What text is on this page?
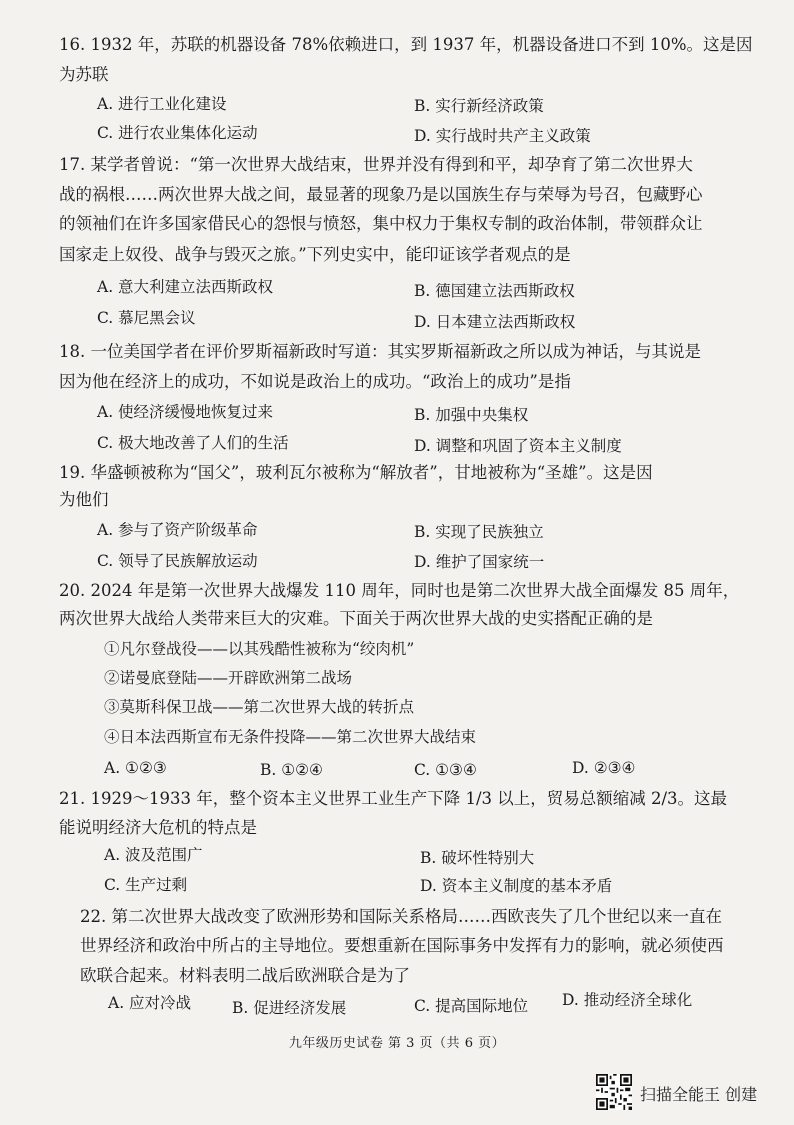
16. 1932 年，苏联的机器设备 78%依赖进口，到 1937 年，机器设备进口不到 10%。这是因
为苏联
A. 进行工业化建设	B. 实行新经济政策
C. 进行农业集体化运动	D. 实行战时共产主义政策
17. 某学者曾说：“第一次世界大战结束，世界并没有得到和平，却孕育了第二次世界大
战的祸根……两次世界大战之间，最显著的现象乃是以国族生存与荣辱为号召，包藏野心
的领袖们在许多国家借民心的怨恨与愤怒，集中权力于集权专制的政治体制，带领群众让
国家走上奴役、战争与毁灭之旅。”下列史实中，能印证该学者观点的是
A. 意大利建立法西斯政权	B. 德国建立法西斯政权
C. 慕尼黑会议	D. 日本建立法西斯政权
18. 一位美国学者在评价罗斯福新政时写道：其实罗斯福新政之所以成为神话，与其说是
因为他在经济上的成功，不如说是政治上的成功。“政治上的成功”是指
A. 使经济缓慢地恢复过来	B. 加强中央集权
C. 极大地改善了人们的生活	D. 调整和巩固了资本主义制度
19. 华盛顿被称为“国父”，玻利瓦尔被称为“解放者”，甘地被称为“圣雄”。这是因
为他们
A. 参与了资产阶级革命	B. 实现了民族独立
C. 领导了民族解放运动	D. 维护了国家统一
20. 2024 年是第一次世界大战爆发 110 周年，同时也是第二次世界大战全面爆发 85 周年，
两次世界大战给人类带来巨大的灾难。下面关于两次世界大战的史实搭配正确的是
①凡尔登战役——以其残酷性被称为“绞肉机”
②诺曼底登陆——开辟欧洲第二战场
③莫斯科保卫战——第二次世界大战的转折点
④日本法西斯宣布无条件投降——第二次世界大战结束
A. ①②③	B. ①②④	C. ①③④	D. ②③④
21. 1929～1933 年，整个资本主义世界工业生产下降 1/3 以上，贸易总额缩减 2/3。这最
能说明经济大危机的特点是
A. 波及范围广	B. 破坏性特别大
C. 生产过剩	D. 资本主义制度的基本矛盾
22. 第二次世界大战改变了欧洲形势和国际关系格局……西欧丧失了几个世纪以来一直在
世界经济和政治中所占的主导地位。要想重新在国际事务中发挥有力的影响，就必须使西
欧联合起来。材料表明二战后欧洲联合是为了
A. 应对冷战	B. 促进经济发展	C. 提高国际地位 D. 推动经济全球化
九年级历史试卷 第 3 页（共 6 页）
扫描全能王 创建
